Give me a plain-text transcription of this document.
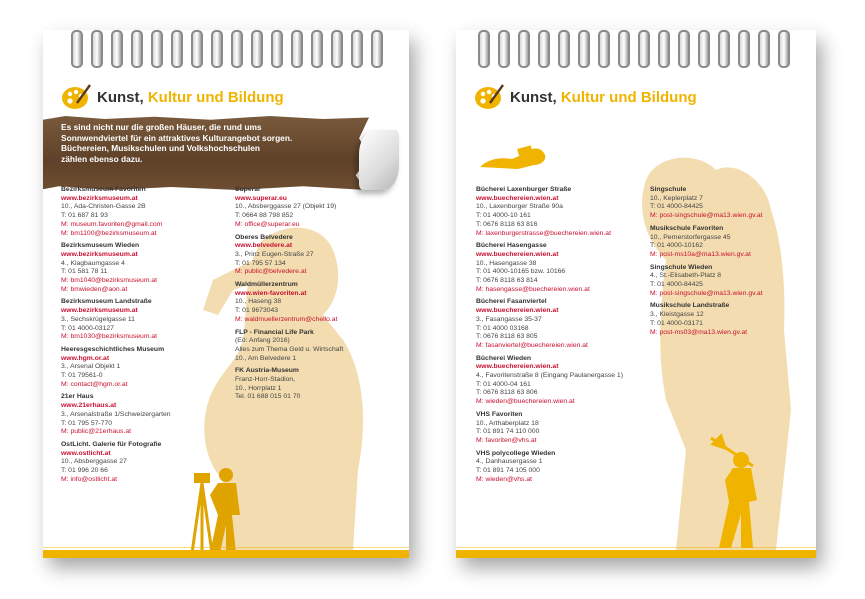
Kunst, Kultur und Bildung
Es sind nicht nur die großen Häuser, die rund ums
Sonnwendviertel für ein attraktives Kulturangebot sorgen.
Büchereien, Musikschulen und Volkshochschulen
zählen ebenso dazu.
Bezirksmuseum Favoriten
www.bezirksmuseum.at
10., Ada-Christen-Gasse 2B
T: 01 687 81 93
M: museum.favoriten@gmail.com
M: bm1100@bezirksmuseum.at
Bezirksmuseum Wieden
www.bezirksmuseum.at
4., Klagbaumgasse 4
T: 01 581 78 11
M: bm1040@bezirksmuseum.at
M: bmwieden@aon.at
Bezirksmuseum Landstraße
www.bezirksmuseum.at
3., Sechskrügelgasse 11
T: 01 4000-03127
M: bm1030@bezirksmuseum.at
Heeresgeschichtliches Museum
www.hgm.or.at
3., Arsenal Objekt 1
T: 01 79561-0
M: contact@hgm.or.at
21er Haus
www.21erhaus.at
3., Arsenalstraße 1/Schweizergarten
T: 01 795 57-770
M: public@21erhaus.at
OstLicht. Galerie für Fotografie
www.ostlicht.at
10., Absberggasse 27
T: 01 996 20 66
M: info@ostlicht.at
Superar
www.superar.eu
10., Absberggasse 27 (Objekt 19)
T: 0664 88 798 852
M: office@superar.eu
Oberes Belvedere
www.belvedere.at
3., Prinz Eugen-Straße 27
T: 01 795 57 134
M: public@belvedere.at
Waldmüllerzentrum
www.wien-favoriten.at
10., Haseng 38
T: 01 9673043
M: waldmuellerzentrum@chello.at
FLP - Financial Life Park
(Eö: Anfang 2016)
Alles zum Thema Geld u. Wirtschaft
10., Am Belvedere 1
FK Austria-Museum
Franz-Horr-Stadion,
10., Horrplatz 1
Tel. 01 688 015 01 70
Kunst, Kultur und Bildung
Bücherei Laxenburger Straße
www.buechereien.wien.at
10., Laxenburger Straße 90a
T: 01 4000-10 161
T: 0676 8118 63 816
M: laxenburgerstrasse@buechereien.wien.at
Bücherei Hasengasse
www.buechereien.wien.at
10., Hasengasse 38
T: 01 4000-10165 bzw. 10166
T: 0676 8118 63 814
M: hasengasse@buechereien.wien.at
Bücherei Fasanviertel
www.buechereien.wien.at
3., Fasangasse 35-37
T: 01 4000 03168
T: 0676 8118 63 805
M: fasanviertel@buechereien.wien.at
Bücherei Wieden
www.buechereien.wien.at
4., Favoritenstraße 8 (Eingang Paulanergasse 1)
T: 01 4000-04 161
T: 0676 8118 63 806
M: wieden@buechereien.wien.at
VHS Favoriten
10., Arthaberplatz 18
T: 01 891 74 110 000
M: favoriten@vhs.at
VHS polycollege Wieden
4., Danhausergasse 1
T: 01 891 74 105 000
M: wieden@vhs.at
Singschule
10., Keplerplatz 7
T: 01 4000-84425
M: post-singschule@ma13.wien.gv.at
Musikschule Favoriten
10., Pernerstorfergasse 45
T: 01 4000-10162
M: post-ms10a@ma13.wien.gv.at
Singschule Wieden
4., St.-Elisabeth-Platz 8
T: 01 4000-84425
M: post-singschule@ma13.wien.gv.at
Musikschule Landstraße
3., Kleistgasse 12
T: 01 4000-03171
M: post-ms03@ma13.wien.gv.at
